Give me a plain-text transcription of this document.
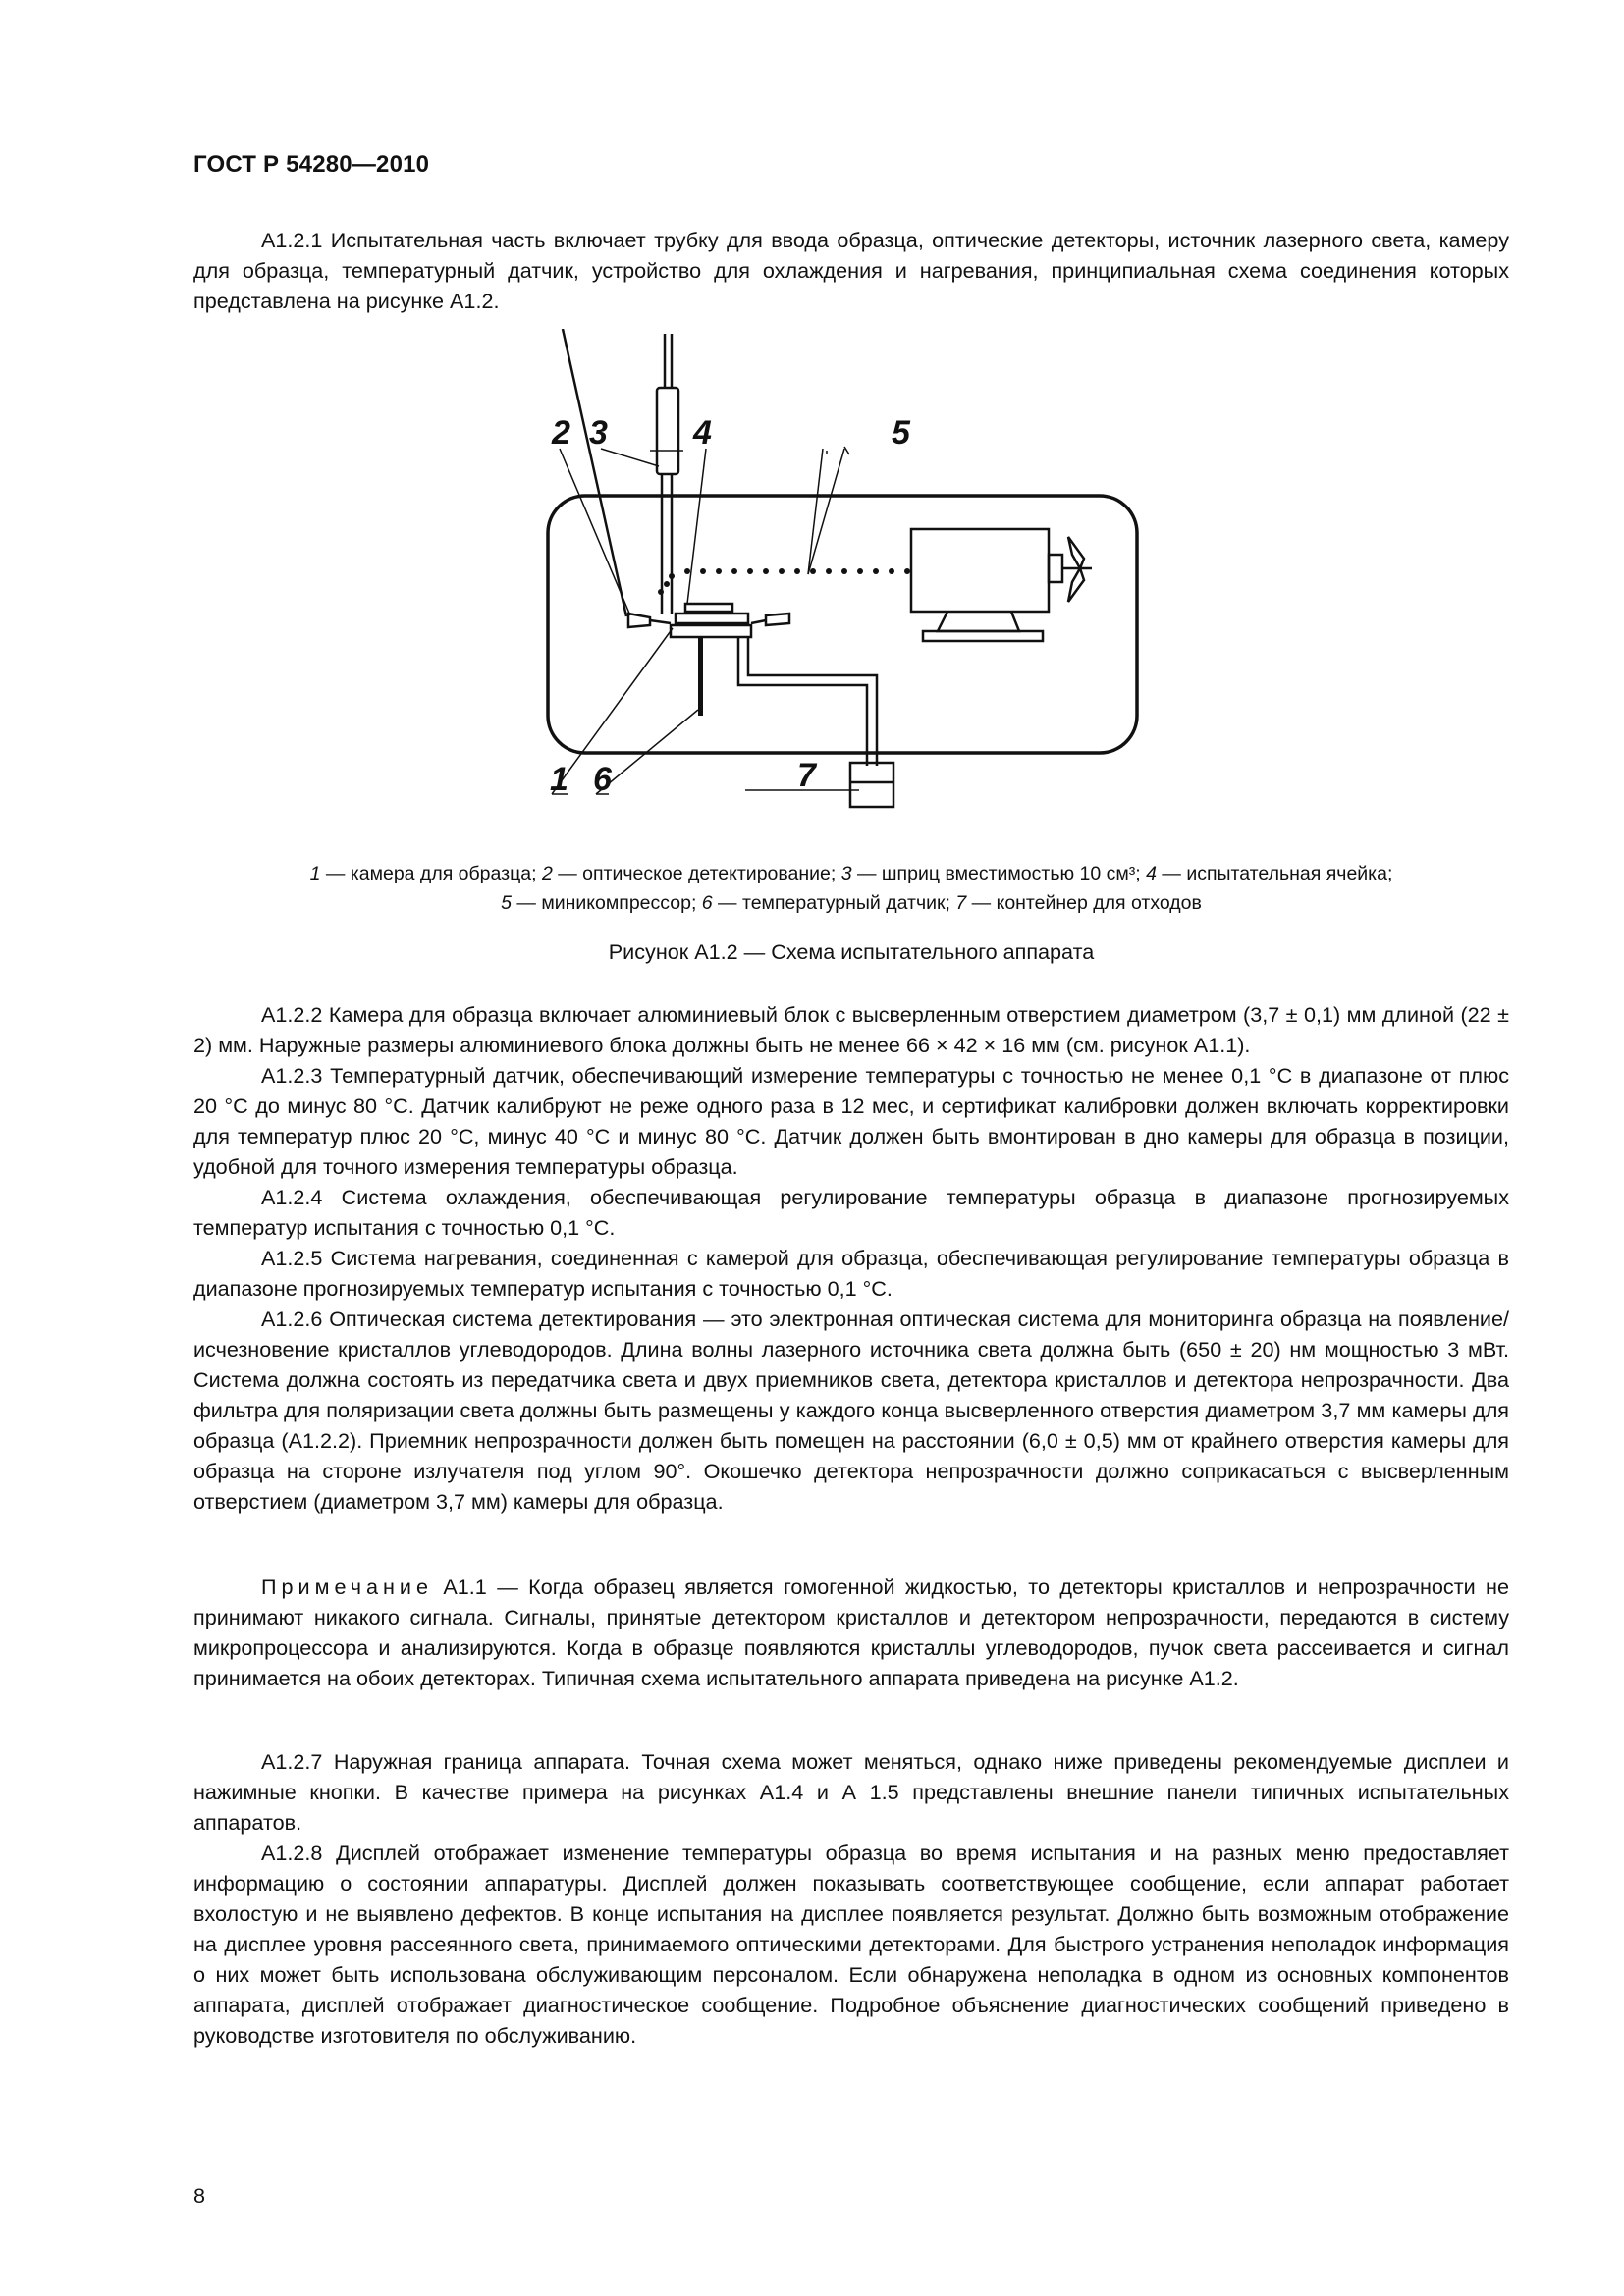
ГОСТ Р 54280—2010

А1.2.1 Испытательная часть включает трубку для ввода образца, оптические детекторы, источник лазерного света, камеру для образца, температурный датчик, устройство для охлаждения и нагревания, принципиальная схема соединения которых представлена на рисунке А1.2.

2 3	4	5
1 6	7
1 — камера для образца; 2 — оптическое детектирование; 3 — шприц вместимостью 10 см³; 4 — испытательная ячейка;
5 — миникомпрессор; 6 — температурный датчик; 7 — контейнер для отходов
Рисунок А1.2 — Схема испытательного аппарата

А1.2.2 Камера для образца включает алюминиевый блок с высверленным отверстием диаметром (3,7 ± 0,1) мм длиной (22 ± 2) мм. Наружные размеры алюминиевого блока должны быть не менее 66 × 42 × 16 мм (см. рисунок А1.1).

А1.2.3 Температурный датчик, обеспечивающий измерение температуры с точностью не менее 0,1 °С в диапазоне от плюс 20 °С до минус 80 °С. Датчик калибруют не реже одного раза в 12 мес, и сертификат калибровки должен включать корректировки для температур плюс 20 °С, минус 40 °С и минус 80 °С. Датчик должен быть вмонтирован в дно камеры для образца в позиции, удобной для точного измерения температуры образца.

А1.2.4 Система охлаждения, обеспечивающая регулирование температуры образца в диапазоне прогнозируемых температур испытания с точностью 0,1 °С.

А1.2.5 Система нагревания, соединенная с камерой для образца, обеспечивающая регулирование температуры образца в диапазоне прогнозируемых температур испытания с точностью 0,1 °С.

А1.2.6 Оптическая система детектирования — это электронная оптическая система для мониторинга образца на появление/исчезновение кристаллов углеводородов. Длина волны лазерного источника света должна быть (650 ± 20) нм мощностью 3 мВт. Система должна состоять из передатчика света и двух приемников света, детектора кристаллов и детектора непрозрачности. Два фильтра для поляризации света должны быть размещены у каждого конца высверленного отверстия диаметром 3,7 мм камеры для образца (А1.2.2). Приемник непрозрачности должен быть помещен на расстоянии (6,0 ± 0,5) мм от крайнего отверстия камеры для образца на стороне излучателя под углом 90°. Окошечко детектора непрозрачности должно соприкасаться с высверленным отверстием (диаметром 3,7 мм) камеры для образца.

Примечание А1.1 — Когда образец является гомогенной жидкостью, то детекторы кристаллов и непрозрачности не принимают никакого сигнала. Сигналы, принятые детектором кристаллов и детектором непрозрачности, передаются в систему микропроцессора и анализируются. Когда в образце появляются кристаллы углеводородов, пучок света рассеивается и сигнал принимается на обоих детекторах. Типичная схема испытательного аппарата приведена на рисунке А1.2.

А1.2.7 Наружная граница аппарата. Точная схема может меняться, однако ниже приведены рекомендуемые дисплеи и нажимные кнопки. В качестве примера на рисунках А1.4 и А 1.5 представлены внешние панели типичных испытательных аппаратов.

А1.2.8 Дисплей отображает изменение температуры образца во время испытания и на разных меню предоставляет информацию о состоянии аппаратуры. Дисплей должен показывать соответствующее сообщение, если аппарат работает вхолостую и не выявлено дефектов. В конце испытания на дисплее появляется результат. Должно быть возможным отображение на дисплее уровня рассеянного света, принимаемого оптическими детекторами. Для быстрого устранения неполадок информация о них может быть использована обслуживающим персоналом. Если обнаружена неполадка в одном из основных компонентов аппарата, дисплей отображает диагностическое сообщение. Подробное объяснение диагностических сообщений приведено в руководстве изготовителя по обслуживанию.

8
